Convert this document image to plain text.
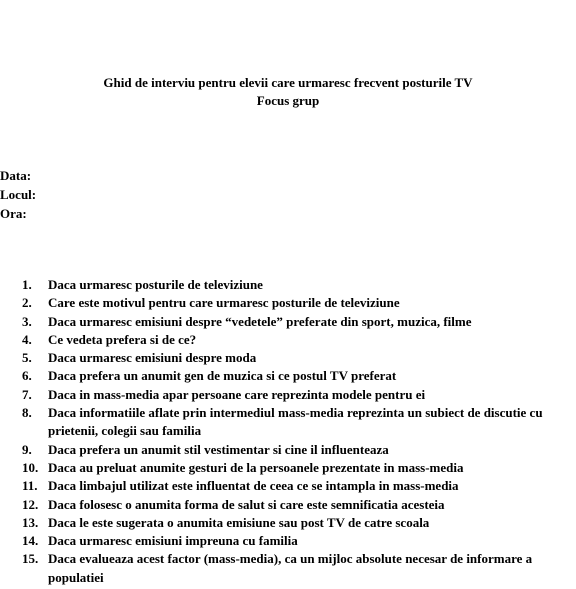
Ghid de interviu pentru elevii care urmaresc frecvent posturile TV
Focus grup
Data:
Locul:
Ora:
1.	Daca urmaresc posturile de televiziune
2.	Care este motivul pentru care urmaresc posturile de televiziune
3.	Daca urmaresc emisiuni despre “vedetele” preferate din sport, muzica, filme
4.	Ce vedeta prefera si de ce?
5.	Daca urmaresc emisiuni despre moda
6.	Daca prefera un anumit gen de muzica si ce postul TV preferat
7.	Daca in mass-media apar persoane care reprezinta modele pentru ei
8.	Daca informatiile aflate prin intermediul mass-media reprezinta un subiect de discutie cu prietenii, colegii sau familia
9.	Daca prefera un anumit stil vestimentar si cine il influenteaza
10. Daca au preluat anumite gesturi de la persoanele prezentate in mass-media
11. Daca limbajul utilizat este influentat de ceea ce se intampla in mass-media
12. Daca folosesc o anumita forma de salut si care este semnificatia acesteia
13. Daca le este sugerata o anumita emisiune sau post TV de catre scoala
14. Daca urmaresc emisiuni impreuna cu familia
15. Daca evalueaza acest factor (mass-media), ca un mijloc absolute necesar de informare a populatiei
